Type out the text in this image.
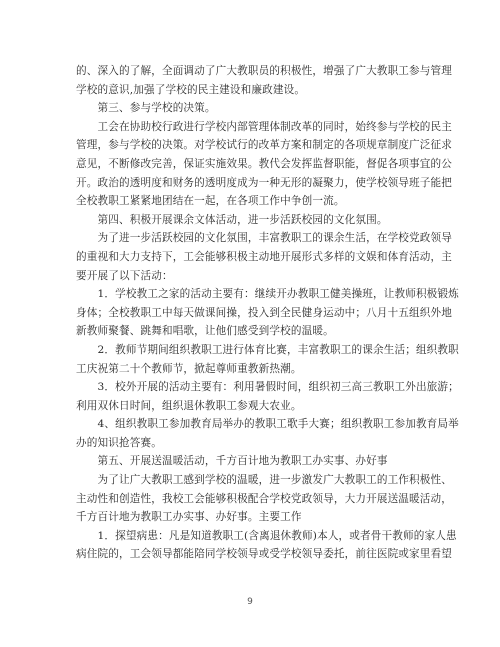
的、深入的了解，全面调动了广大教职员的积极性，增强了广大教职工参与管理
学校的意识,加强了学校的民主建设和廉政建设。
　　第三、参与学校的决策。
　　工会在协助校行政进行学校内部管理体制改革的同时，始终参与学校的民主
管理，参与学校的决策。对学校试行的改革方案和制定的各项规章制度广泛征求
意见，不断修改完善，保证实施效果。教代会发挥监督职能，督促各项事宜的公
开。政治的透明度和财务的透明度成为一种无形的凝聚力，使学校领导班子能把
全校教职工紧紧地团结在一起，在各项工作中争创一流。
　　第四、积极开展课余文体活动，进一步活跃校园的文化氛围。
　　为了进一步活跃校园的文化氛围，丰富教职工的课余生活，在学校党政领导
的重视和大力支持下，工会能够积极主动地开展形式多样的文娱和体育活动，主
要开展了以下活动：
　　1．学校教工之家的活动主要有：继续开办教职工健美操班，让教师积极锻炼
身体；全校教职工中每天做课间操，投入到全民健身运动中；八月十五组织外地
新教师聚餐、跳舞和唱歌，让他们感受到学校的温暖。
　　2．教师节期间组织教职工进行体育比赛，丰富教职工的课余生活；组织教职
工庆祝第二十个教师节，掀起尊师重教新热潮。
　　3．校外开展的活动主要有：利用暑假时间，组织初三高三教职工外出旅游；
利用双休日时间，组织退休教职工参观大农业。
　　4、组织教职工参加教育局举办的教职工歌手大赛；组织教职工参加教育局举
办的知识抢答赛。
　　第五、开展送温暖活动，千方百计地为教职工办实事、办好事
　　为了让广大教职工感到学校的温暖，进一步激发广大教职工的工作积极性、
主动性和创造性，我校工会能够积极配合学校党政领导，大力开展送温暖活动，
千方百计地为教职工办实事、办好事。主要工作
　　1．探望病患：凡是知道教职工(含离退休教师)本人，或者骨干教师的家人患
病住院的，工会领导都能陪同学校领导或受学校领导委托，前往医院或家里看望
9
